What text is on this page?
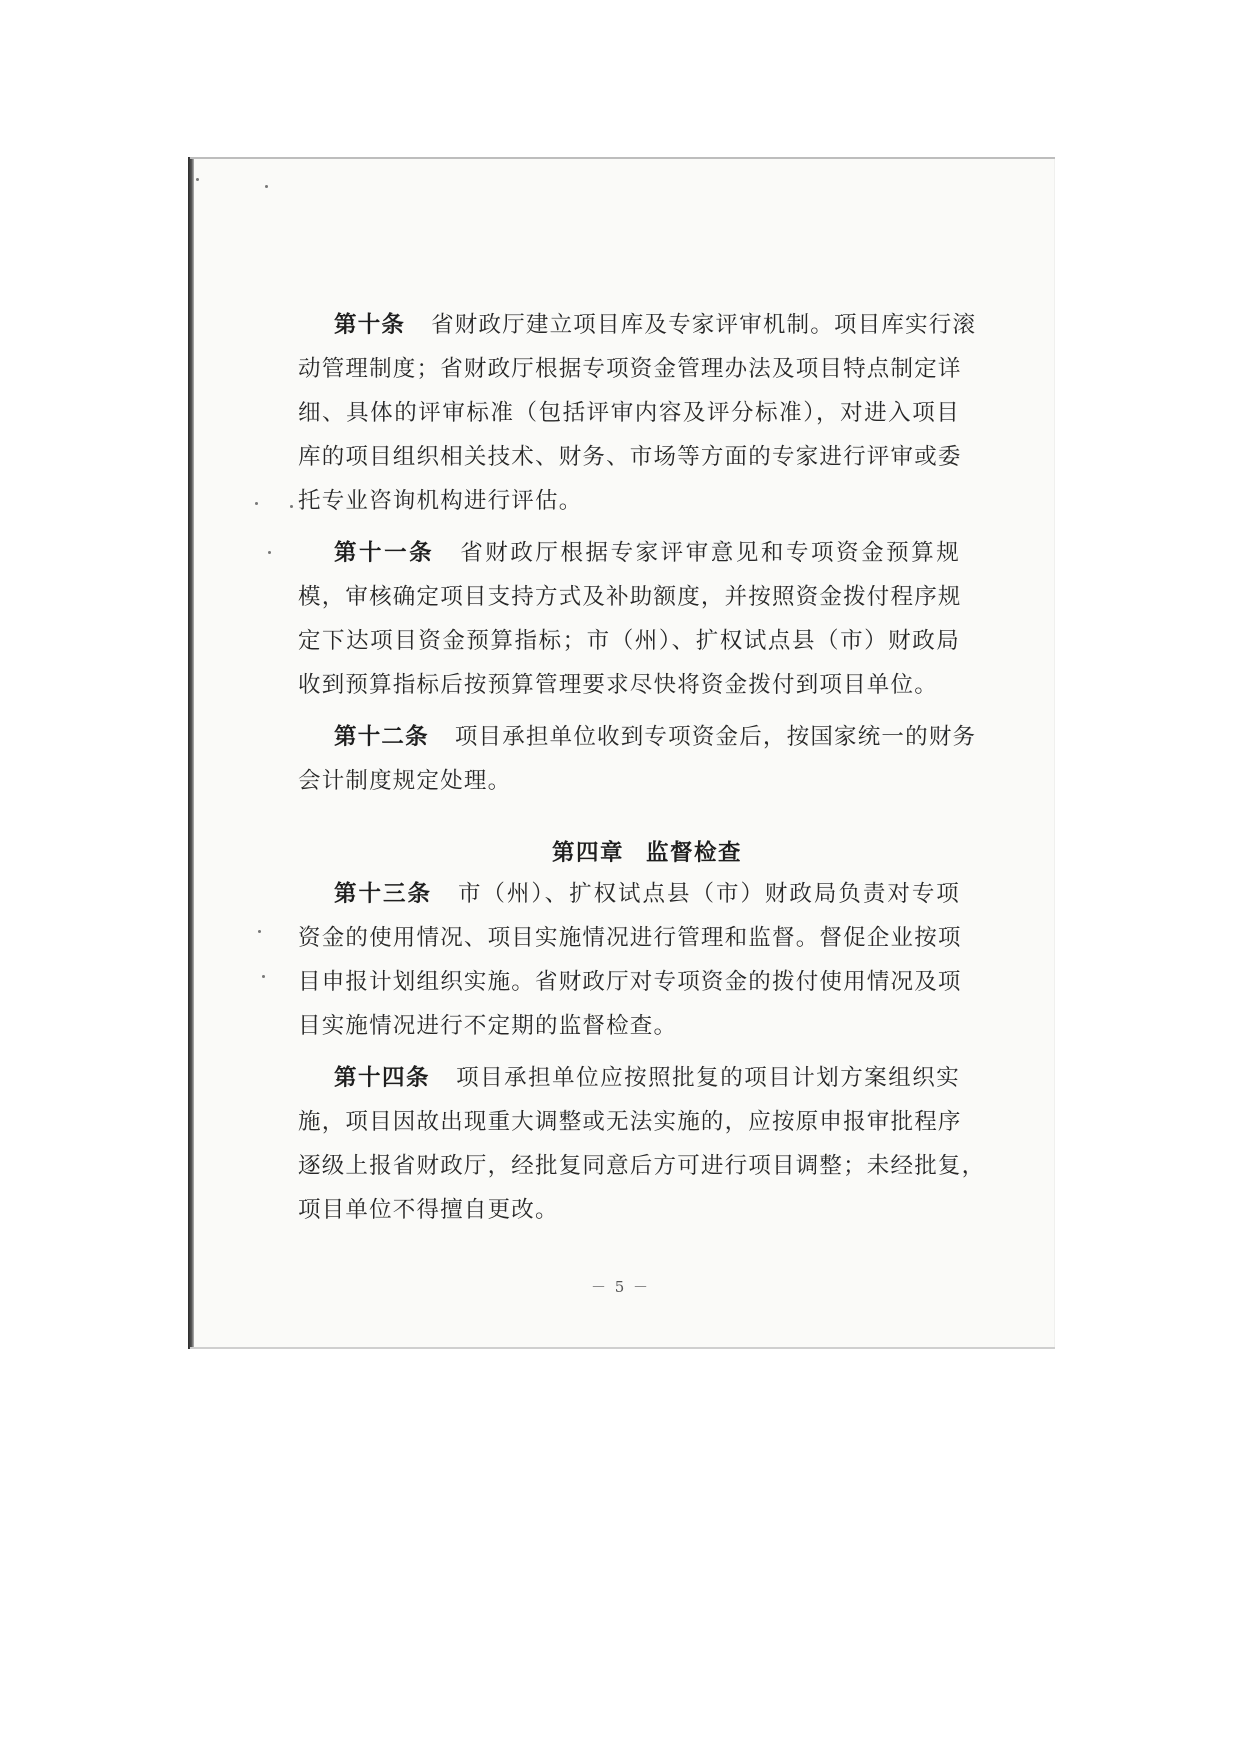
第十条 省财政厅建立项目库及专家评审机制。项目库实行滚
动管理制度；省财政厅根据专项资金管理办法及项目特点制定详
细、具体的评审标准（包括评审内容及评分标准），对进入项目
库的项目组织相关技术、财务、市场等方面的专家进行评审或委
托专业咨询机构进行评估。

第十一条 省财政厅根据专家评审意见和专项资金预算规
模，审核确定项目支持方式及补助额度，并按照资金拨付程序规
定下达项目资金预算指标；市（州）、扩权试点县（市）财政局
收到预算指标后按预算管理要求尽快将资金拨付到项目单位。

第十二条 项目承担单位收到专项资金后，按国家统一的财务
会计制度规定处理。

第四章 监督检查

第十三条 市（州）、扩权试点县（市）财政局负责对专项
资金的使用情况、项目实施情况进行管理和监督。督促企业按项
目申报计划组织实施。省财政厅对专项资金的拨付使用情况及项
目实施情况进行不定期的监督检查。

第十四条 项目承担单位应按照批复的项目计划方案组织实
施，项目因故出现重大调整或无法实施的，应按原申报审批程序
逐级上报省财政厅，经批复同意后方可进行项目调整；未经批复，
项目单位不得擅自更改。

－ 5 －
